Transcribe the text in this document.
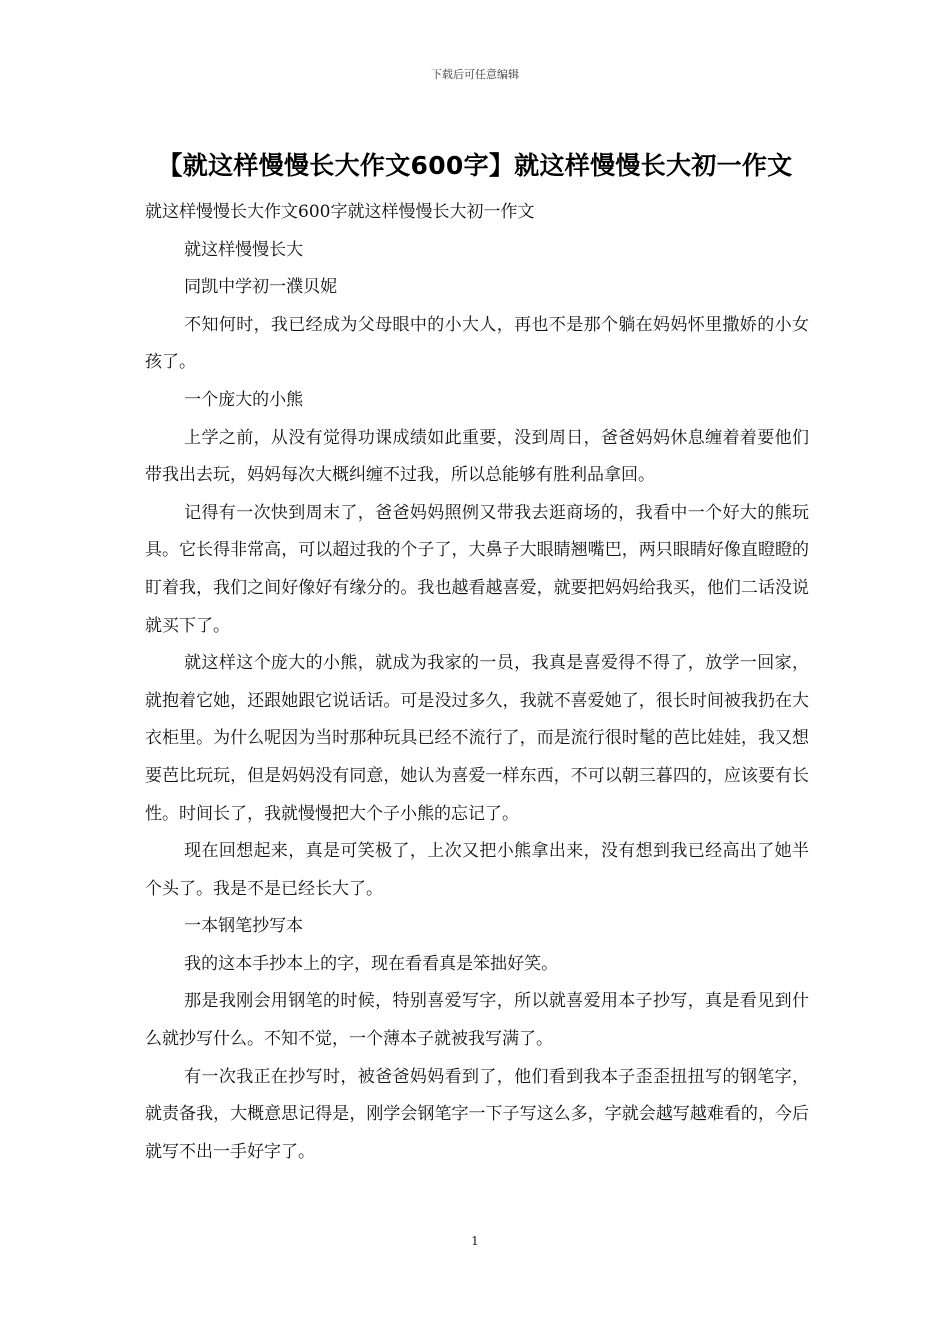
下载后可任意编辑
【就这样慢慢长大作文600字】就这样慢慢长大初一作文

就这样慢慢长大作文600字就这样慢慢长大初一作文

就这样慢慢长大

同凯中学初一濮贝妮

不知何时，我已经成为父母眼中的小大人，再也不是那个躺在妈妈怀里撒娇的小女孩了。

一个庞大的小熊

上学之前，从没有觉得功课成绩如此重要，没到周日，爸爸妈妈休息缠着着要他们带我出去玩，妈妈每次大概纠缠不过我，所以总能够有胜利品拿回。

记得有一次快到周末了，爸爸妈妈照例又带我去逛商场的，我看中一个好大的熊玩具。它长得非常高，可以超过我的个子了，大鼻子大眼睛翘嘴巴，两只眼睛好像直瞪瞪的盯着我，我们之间好像好有缘分的。我也越看越喜爱，就要把妈妈给我买，他们二话没说就买下了。

就这样这个庞大的小熊，就成为我家的一员，我真是喜爱得不得了，放学一回家，就抱着它她，还跟她跟它说话话。可是没过多久，我就不喜爱她了，很长时间被我扔在大衣柜里。为什么呢因为当时那种玩具已经不流行了，而是流行很时髦的芭比娃娃，我又想要芭比玩玩，但是妈妈没有同意，她认为喜爱一样东西，不可以朝三暮四的，应该要有长性。时间长了，我就慢慢把大个子小熊的忘记了。

现在回想起来，真是可笑极了，上次又把小熊拿出来，没有想到我已经高出了她半个头了。我是不是已经长大了。

一本钢笔抄写本

我的这本手抄本上的字，现在看看真是笨拙好笑。

那是我刚会用钢笔的时候，特别喜爱写字，所以就喜爱用本子抄写，真是看见到什么就抄写什么。不知不觉，一个薄本子就被我写满了。

有一次我正在抄写时，被爸爸妈妈看到了，他们看到我本子歪歪扭扭写的钢笔字，就责备我，大概意思记得是，刚学会钢笔字一下子写这么多，字就会越写越难看的，今后就写不出一手好字了。

1
